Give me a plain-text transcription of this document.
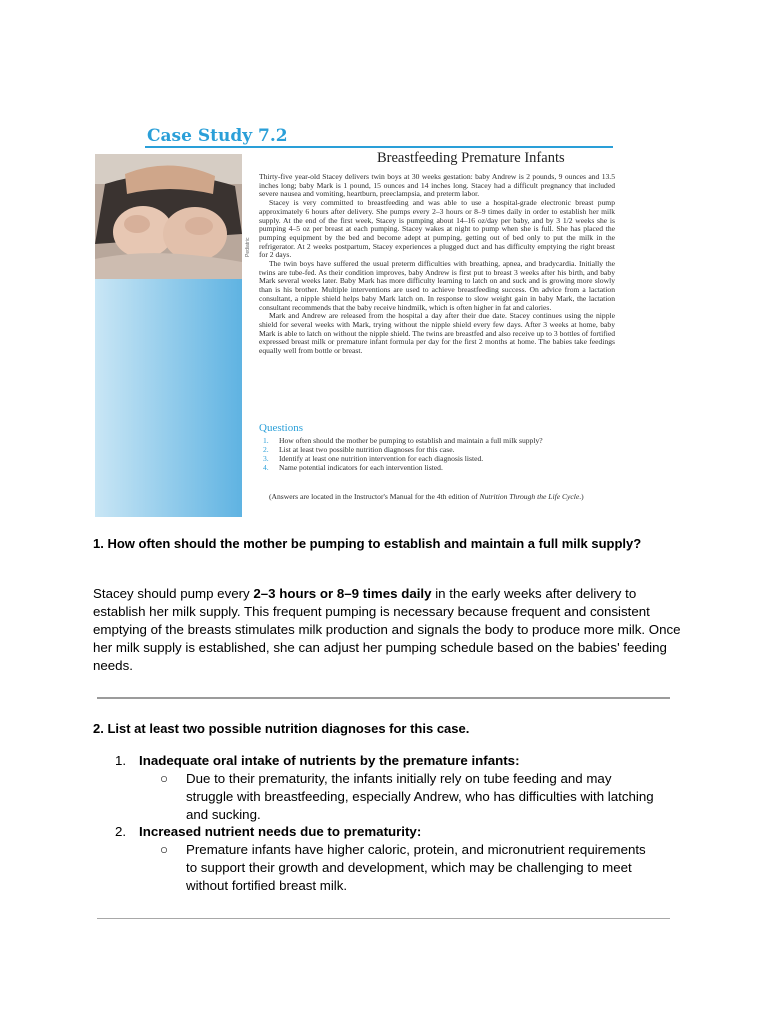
Case Study 7.2
Pediatric
Breastfeeding Premature Infants

Thirty-five year-old Stacey delivers twin boys at 30 weeks gestation: baby Andrew is 2 pounds, 9 ounces and 13.5 inches long; baby Mark is 1 pound, 15 ounces and 14 inches long. Stacey had a difficult pregnancy that included severe nausea and vomiting, heartburn, preeclampsia, and preterm labor.

Stacey is very committed to breastfeeding and was able to use a hospital-grade electronic breast pump approximately 6 hours after delivery. She pumps every 2–3 hours or 8–9 times daily in order to establish her milk supply. At the end of the first week, Stacey is pumping about 14–16 oz/day per baby, and by 3 1/2 weeks she is pumping 4–5 oz per breast at each pumping. Stacey wakes at night to pump when she is full. She has placed the pumping equipment by the bed and become adept at pumping, getting out of bed only to put the milk in the refrigerator. At 2 weeks postpartum, Stacey experiences a plugged duct and has difficulty emptying the right breast for 2 days.

The twin boys have suffered the usual preterm difficulties with breathing, apnea, and bradycardia. Initially the twins are tube-fed. As their condition improves, baby Andrew is first put to breast 3 weeks after his birth, and baby Mark several weeks later. Baby Mark has more difficulty learning to latch on and suck and is growing more slowly than is his brother. Multiple interventions are used to achieve breastfeeding success. On advice from a lactation consultant, a nipple shield helps baby Mark latch on. In response to slow weight gain in baby Mark, the lactation consultant recommends that the baby receive hindmilk, which is often higher in fat and calories.

Mark and Andrew are released from the hospital a day after their due date. Stacey continues using the nipple shield for several weeks with Mark, trying without the nipple shield every few days. After 3 weeks at home, baby Mark is able to latch on without the nipple shield. The twins are breastfed and also receive up to 3 bottles of fortified expressed breast milk or premature infant formula per day for the first 2 months at home. The babies take feedings equally well from bottle or breast.

Questions
1. How often should the mother be pumping to establish and maintain a full milk supply?
2. List at least two possible nutrition diagnoses for this case.
3. Identify at least one nutrition intervention for each diagnosis listed.
4. Name potential indicators for each intervention listed.
(Answers are located in the Instructor's Manual for the 4th edition of Nutrition Through the Life Cycle.)
1. How often should the mother be pumping to establish and maintain a full milk supply?
Stacey should pump every 2–3 hours or 8–9 times daily in the early weeks after delivery to establish her milk supply. This frequent pumping is necessary because frequent and consistent emptying of the breasts stimulates milk production and signals the body to produce more milk. Once her milk supply is established, she can adjust her pumping schedule based on the babies' feeding needs.
2. List at least two possible nutrition diagnoses for this case.
1. Inadequate oral intake of nutrients by the premature infants:
○ Due to their prematurity, the infants initially rely on tube feeding and may struggle with breastfeeding, especially Andrew, who has difficulties with latching and sucking.
2. Increased nutrient needs due to prematurity:
○ Premature infants have higher caloric, protein, and micronutrient requirements to support their growth and development, which may be challenging to meet without fortified breast milk.
